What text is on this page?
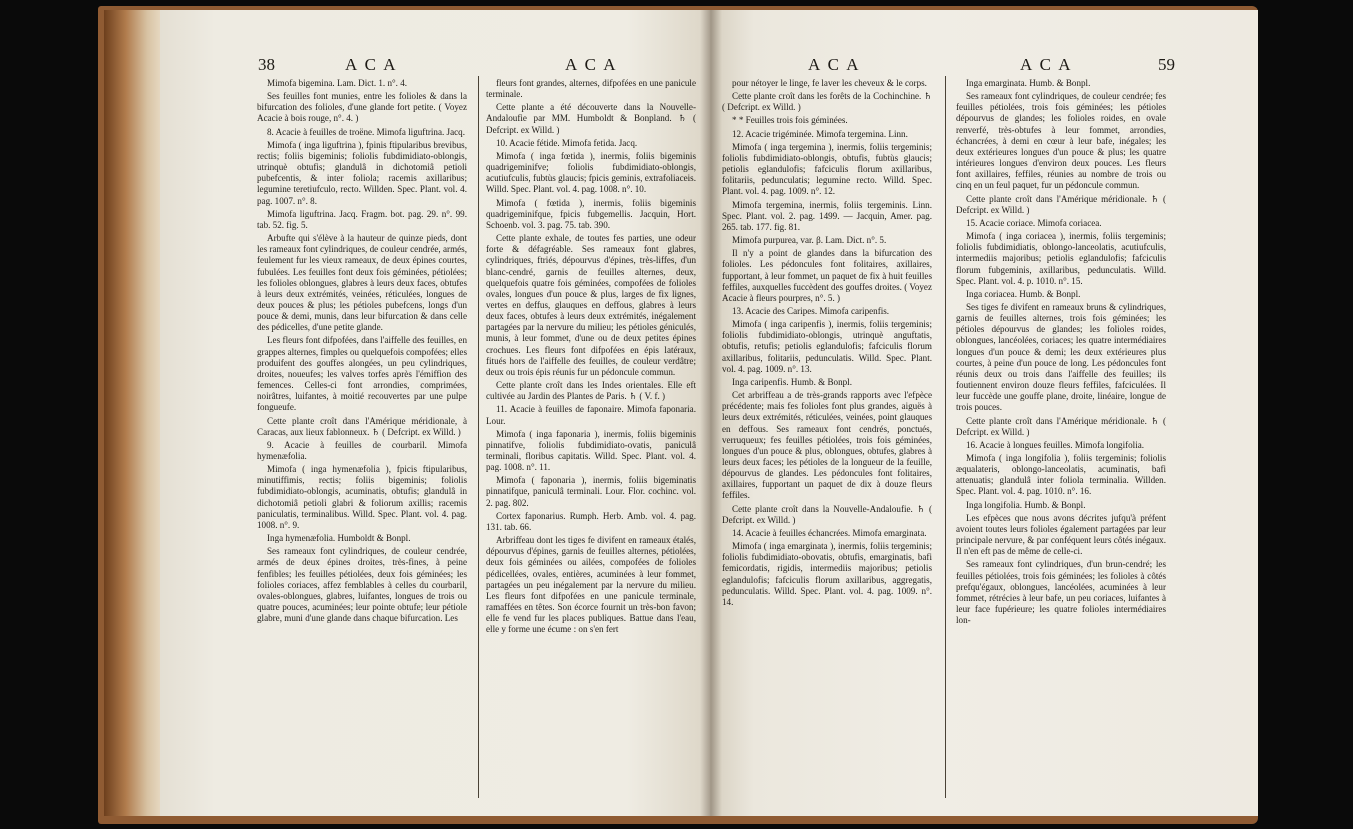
38	A C A	A C A	A C A	A C A	59

Mimofa bigemina. Lam. Dict. 1. n°. 4.

Ses feuilles font munies, entre les folioles & dans la bifurcation des folioles, d'une glande fort petite. ( Voyez Acacie à bois rouge, n°. 4. )

8. Acacie à feuilles de troëne. Mimofa liguftrina. Jacq.

Mimofa ( inga liguftrina ), fpinis ftipularibus brevibus, rectis; foliis bigeminis; foliolis fubdimidiato-oblongis, utrinquè obtufis; glandulâ in dichotomiâ petioli pubefcentis, & inter foliola; racemis axillaribus; legumine teretiufculo, recto. Willden. Spec. Plant. vol. 4. pag. 1007. n°. 8.

Mimofa liguftrina. Jacq. Fragm. bot. pag. 29. n°. 99. tab. 52. fig. 5.

Arbufte qui s'élève à la hauteur de quinze pieds, dont les rameaux font cylindriques, de couleur cendrée, armés, feulement fur les vieux rameaux, de deux épines courtes, fubulées. Les feuilles font deux fois géminées, pétiolées; les folioles oblongues, glabres à leurs deux faces, obtufes à leurs deux extrémités, veinées, réticulées, longues de deux pouces & plus; les pétioles pubefcens, longs d'un pouce & demi, munis, dans leur bifurcation & dans celle des pédicelles, d'une petite glande.

Les fleurs font difpofées, dans l'aiffelle des feuilles, en grappes alternes, fimples ou quelquefois compofées; elles produifent des gouffes alongées, un peu cylindriques, droites, noueufes; les valves torfes après l'émiffion des femences. Celles-ci font arrondies, comprimées, noirâtres, luifantes, à moitié recouvertes par une pulpe fongueufe.

Cette plante croît dans l'Amérique méridionale, à Caracas, aux lieux fablonneux. ♄ ( Defcript. ex Willd. )

9. Acacie à feuilles de courbaril. Mimofa hymenæfolia.

Mimofa ( inga hymenæfolia ), fpicis ftipularibus, minutiffimis, rectis; foliis bigeminis; foliolis fubdimidiato-oblongis, acuminatis, obtufis; glandulâ in dichotomiâ petioli glabri & foliorum axillis; racemis paniculatis, terminalibus. Willd. Spec. Plant. vol. 4. pag. 1008. n°. 9.

Inga hymenæfolia. Humboldt & Bonpl.

Ses rameaux font cylindriques, de couleur cendrée, armés de deux épines droites, très-fines, à peine fenfibles; les feuilles pétiolées, deux fois géminées; les folioles coriaces, affez femblables à celles du courbaril, ovales-oblongues, glabres, luifantes, longues de trois ou quatre pouces, acuminées; leur pointe obtufe; leur pétiole glabre, muni d'une glande dans chaque bifurcation. Les

fleurs font grandes, alternes, difpofées en une panicule terminale.

Cette plante a été découverte dans la Nouvelle-Andaloufie par MM. Humboldt & Bonpland. ♄ ( Defcript. ex Willd. )

10. Acacie fétide. Mimofa fetida. Jacq.

Mimofa ( inga fœtida ), inermis, foliis bigeminis quadrigeminifve; foliolis fubdimidiato-oblongis, acutiufculis, fubtùs glaucis; fpicis geminis, extrafoliaceis. Willd. Spec. Plant. vol. 4. pag. 1008. n°. 10.

Mimofa ( fœtida ), inermis, foliis bigeminis quadrigeminifque, fpicis fubgemellis. Jacquin, Hort. Schoenb. vol. 3. pag. 75. tab. 390.

Cette plante exhale, de toutes fes parties, une odeur forte & défagréable. Ses rameaux font glabres, cylindriques, ftriés, dépourvus d'épines, très-liffes, d'un blanc-cendré, garnis de feuilles alternes, deux, quelquefois quatre fois géminées, compofées de folioles ovales, longues d'un pouce & plus, larges de fix lignes, vertes en deffus, glauques en deffous, glabres à leurs deux faces, obtufes à leurs deux extrémités, inégalement partagées par la nervure du milieu; les pétioles géniculés, munis, à leur fommet, d'une ou de deux petites épines crochues. Les fleurs font difpofées en épis latéraux, fitués hors de l'aiffelle des feuilles, de couleur verdâtre; deux ou trois épis réunis fur un pédoncule commun.

Cette plante croît dans les Indes orientales. Elle eft cultivée au Jardin des Plantes de Paris. ♄ ( V. f. )

11. Acacie à feuilles de faponaire. Mimofa faponaria. Lour.

Mimofa ( inga faponaria ), inermis, foliis bigeminis pinnatifve, foliolis fubdimidiato-ovatis, paniculâ terminali, floribus capitatis. Willd. Spec. Plant. vol. 4. pag. 1008. n°. 11.

Mimofa ( faponaria ), inermis, foliis bigeminatis pinnatifque, paniculâ terminali. Lour. Flor. cochinc. vol. 2. pag. 802.

Cortex faponarius. Rumph. Herb. Amb. vol. 4. pag. 131. tab. 66.

Arbriffeau dont les tiges fe divifent en rameaux étalés, dépourvus d'épines, garnis de feuilles alternes, pétiolées, deux fois géminées ou ailées, compofées de folioles pédicellées, ovales, entières, acuminées à leur fommet, partagées un peu inégalement par la nervure du milieu. Les fleurs font difpofées en une panicule terminale, ramaffées en têtes. Son écorce fournit un très-bon favon; elle fe vend fur les places publiques. Battue dans l'eau, elle y forme une écume : on s'en fert

pour nétoyer le linge, fe laver les cheveux & le corps.

Cette plante croît dans les forêts de la Cochinchine. ♄ ( Defcript. ex Willd. )

* * Feuilles trois fois géminées.

12. Acacie trigéminée. Mimofa tergemina. Linn.

Mimofa ( inga tergemina ), inermis, foliis tergeminis; foliolis fubdimidiato-oblongis, obtufis, fubtùs glaucis; petiolis eglandulofis; fafciculis florum axillaribus, folitariis, pedunculatis; legumine recto. Willd. Spec. Plant. vol. 4. pag. 1009. n°. 12.

Mimofa tergemina, inermis, foliis tergeminis. Linn. Spec. Plant. vol. 2. pag. 1499. — Jacquin, Amer. pag. 265. tab. 177. fig. 81.

Mimofa purpurea, var. β. Lam. Dict. n°. 5.

Il n'y a point de glandes dans la bifurcation des folioles. Les pédoncules font folitaires, axillaires, fupportant, à leur fommet, un paquet de fix à huit feuilles feffiles, auxquelles fuccèdent des gouffes droites. ( Voyez Acacie à fleurs pourpres, n°. 5. )

13. Acacie des Caripes. Mimofa caripenfis.

Mimofa ( inga caripenfis ), inermis, foliis tergeminis; foliolis fubdimidiato-oblongis, utrinquè anguftatis, obtufis, retufis; petiolis eglandulofis; fafciculis florum axillaribus, folitariis, pedunculatis. Willd. Spec. Plant. vol. 4. pag. 1009. n°. 13.

Inga caripenfis. Humb. & Bonpl.

Cet arbriffeau a de très-grands rapports avec l'efpèce précédente; mais fes folioles font plus grandes, aiguës à leurs deux extrémités, réticulées, veinées, point glauques en deffous. Ses rameaux font cendrés, ponctués, verruqueux; fes feuilles pétiolées, trois fois géminées, longues d'un pouce & plus, oblongues, obtufes, glabres à leurs deux faces; les pétioles de la longueur de la feuille, dépourvus de glandes. Les pédoncules font folitaires, axillaires, fupportant un paquet de dix à douze fleurs feffiles.

Cette plante croît dans la Nouvelle-Andaloufie. ♄ ( Defcript. ex Willd. )

14. Acacie à feuilles échancrées. Mimofa emarginata.

Mimofa ( inga emarginata ), inermis, foliis tergeminis; foliolis fubdimidiato-obovatis, obtufis, emarginatis, bafi femicordatis, rigidis, intermediis majoribus; petiolis eglandulofis; fafciculis florum axillaribus, aggregatis, pedunculatis. Willd. Spec. Plant. vol. 4. pag. 1009. n°. 14.

Inga emarginata. Humb. & Bonpl.

Ses rameaux font cylindriques, de couleur cendrée; fes feuilles pétiolées, trois fois géminées; les pétioles dépourvus de glandes; les folioles roides, en ovale renverfé, très-obtufes à leur fommet, arrondies, échancrées, à demi en cœur à leur bafe, inégales; les deux extérieures longues d'un pouce & plus; les quatre intérieures longues d'environ deux pouces. Les fleurs font axillaires, feffiles, réunies au nombre de trois ou cinq en un feul paquet, fur un pédoncule commun.

Cette plante croît dans l'Amérique méridionale. ♄ ( Defcript. ex Willd. )

15. Acacie coriace. Mimofa coriacea.

Mimofa ( inga coriacea ), inermis, foliis tergeminis; foliolis fubdimidiatis, oblongo-lanceolatis, acutiufculis, intermediis majoribus; petiolis eglandulofis; fafciculis florum fubgeminis, axillaribus, pedunculatis. Willd. Spec. Plant. vol. 4. p. 1010. n°. 15.

Inga coriacea. Humb. & Bonpl.

Ses tiges fe divifent en rameaux bruns & cylindriques, garnis de feuilles alternes, trois fois géminées; les pétioles dépourvus de glandes; les folioles roides, oblongues, lancéolées, coriaces; les quatre intermédiaires longues d'un pouce & demi; les deux extérieures plus courtes, à peine d'un pouce de long. Les pédoncules font réunis deux ou trois dans l'aiffelle des feuilles; ils foutiennent environ douze fleurs feffiles, fafciculées. Il leur fuccède une gouffe plane, droite, linéaire, longue de trois pouces.

Cette plante croît dans l'Amérique méridionale. ♄ ( Defcript. ex Willd. )

16. Acacie à longues feuilles. Mimofa longifolia.

Mimofa ( inga longifolia ), foliis tergeminis; foliolis æqualateris, oblongo-lanceolatis, acuminatis, bafi attenuatis; glandulâ inter foliola terminalia. Willden. Spec. Plant. vol. 4. pag. 1010. n°. 16.

Inga longifolia. Humb. & Bonpl.

Les efpèces que nous avons décrites jufqu'à préfent avoient toutes leurs folioles également partagées par leur principale nervure, & par conféquent leurs côtés inégaux. Il n'en eft pas de même de celle-ci.

Ses rameaux font cylindriques, d'un brun-cendré; les feuilles pétiolées, trois fois géminées; les folioles à côtés prefqu'égaux, oblongues, lancéolées, acuminées à leur fommet, rétrécies à leur bafe, un peu coriaces, luifantes à leur face fupérieure; les quatre folioles intermédiaires lon-
